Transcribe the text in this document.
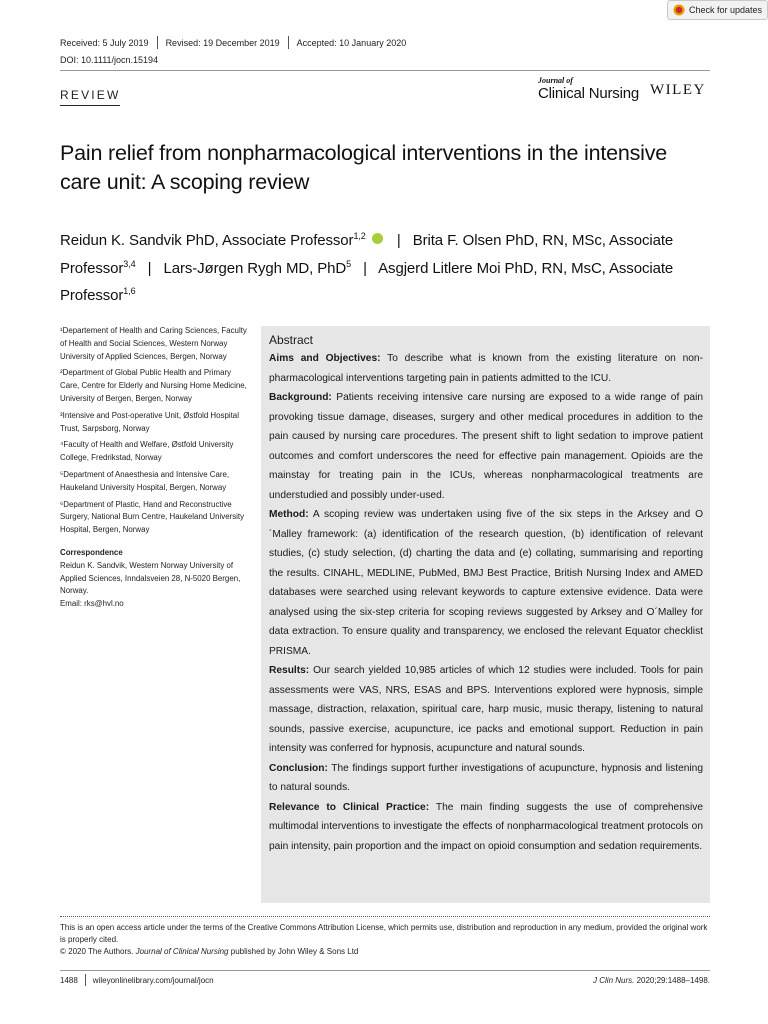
Check for updates
Received: 5 July 2019 Revised: 19 December 2019 Accepted: 10 January 2020
DOI: 10.1111/jocn.15194
REVIEW
Journal of
Clinical Nursing WILEY
Pain relief from nonpharmacological interventions in the intensive care unit: A scoping review
Reidun K. Sandvik PhD, Associate Professor$^{1,2}$ | Brita F. Olsen PhD, RN, MSc, Associate Professor$^{3,4}$ | Lars-Jørgen Rygh MD, PhD$^5$ | Asgjerd Litlere Moi PhD, RN, MsC, Associate Professor$^{1,6}$

¹Departement of Health and Caring Sciences, Faculty of Health and Social Sciences, Western Norway University of Applied Sciences, Bergen, Norway

²Department of Global Public Health and Primary Care, Centre for Elderly and Nursing Home Medicine, University of Bergen, Bergen, Norway

³Intensive and Post-operative Unit, Østfold Hospital Trust, Sarpsborg, Norway

⁴Faculty of Health and Welfare, Østfold University College, Fredrikstad, Norway

⁵Department of Anaesthesia and Intensive Care, Haukeland University Hospital, Bergen, Norway

⁶Department of Plastic, Hand and Reconstructive Surgery, National Burn Centre, Haukeland University Hospital, Bergen, Norway

Correspondence

Reidun K. Sandvik, Western Norway University of Applied Sciences, Inndalsveien 28, N-5020 Bergen, Norway.

Email: rks@hvl.no

Abstract

Aims and Objectives: To describe what is known from the existing literature on non-pharmacological interventions targeting pain in patients admitted to the ICU.

Background: Patients receiving intensive care nursing are exposed to a wide range of pain provoking tissue damage, diseases, surgery and other medical procedures in addition to the pain caused by nursing care procedures. The present shift to light sedation to improve patient outcomes and comfort underscores the need for effective pain management. Opioids are the mainstay for treating pain in the ICUs, whereas nonpharmacological treatments are understudied and possibly under-used.

Method: A scoping review was undertaken using five of the six steps in the Arksey and O´Malley framework: (a) identification of the research question, (b) identification of relevant studies, (c) study selection, (d) charting the data and (e) collating, summarising and reporting the results. CINAHL, MEDLINE, PubMed, BMJ Best Practice, British Nursing Index and AMED databases were searched using relevant keywords to capture extensive evidence. Data were analysed using the six-step criteria for scoping reviews suggested by Arksey and O´Malley for data extraction. To ensure quality and transparency, we enclosed the relevant Equator checklist PRISMA.

Results: Our search yielded 10,985 articles of which 12 studies were included. Tools for pain assessments were VAS, NRS, ESAS and BPS. Interventions explored were hypnosis, simple massage, distraction, relaxation, spiritual care, harp music, music therapy, listening to natural sounds, passive exercise, acupuncture, ice packs and emotional support. Reduction in pain intensity was conferred for hypnosis, acupuncture and natural sounds.

Conclusion: The findings support further investigations of acupuncture, hypnosis and listening to natural sounds.

Relevance to Clinical Practice: The main finding suggests the use of comprehensive multimodal interventions to investigate the effects of nonpharmacological treatment protocols on pain intensity, pain proportion and the impact on opioid consumption and sedation requirements.

This is an open access article under the terms of the Creative Commons Attribution License, which permits use, distribution and reproduction in any medium, provided the original work is properly cited.
© 2020 The Authors. Journal of Clinical Nursing published by John Wiley & Sons Ltd
1488 wileyonlinelibrary.com/journal/jocn	J Clin Nurs. 2020;29:1488–1498.
